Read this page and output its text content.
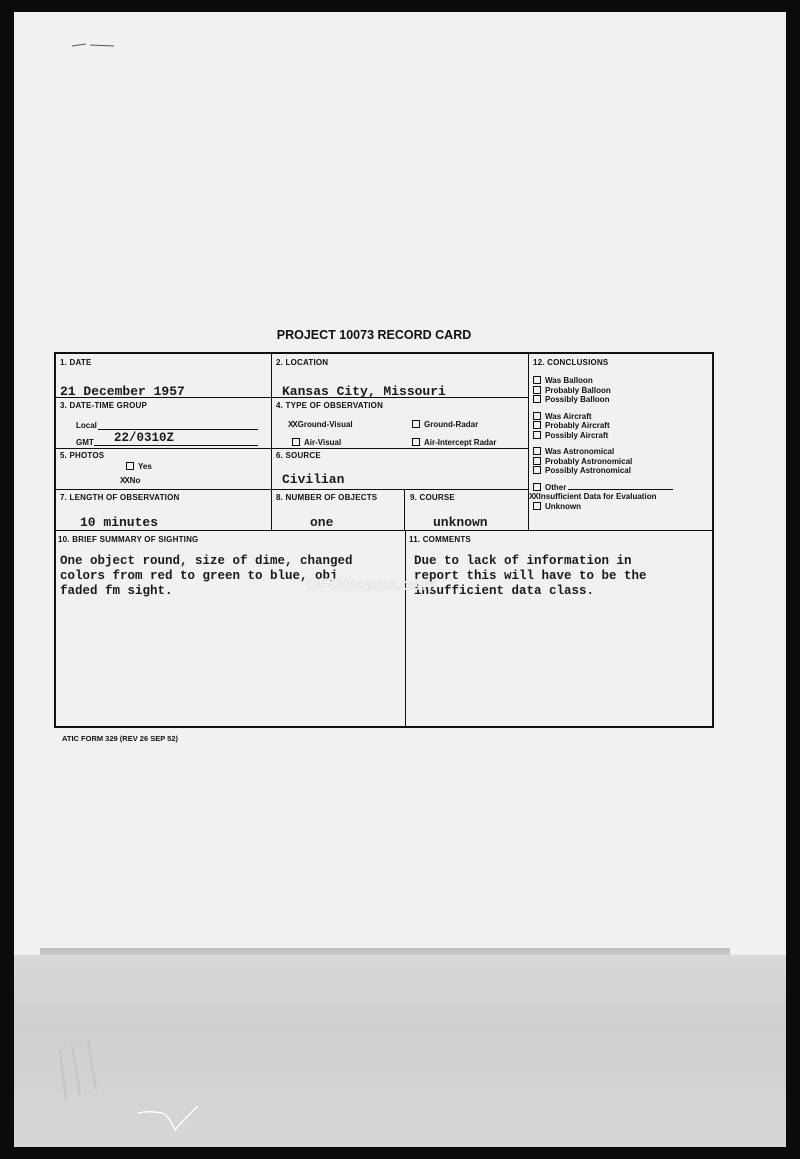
PROJECT 10073 RECORD CARD
1. DATE
21 December 1957
2. LOCATION
Kansas City, Missouri
3. DATE-TIME GROUP
Local
GMT 22/0310Z
4. TYPE OF OBSERVATION
XXGround-Visual	Ground-Radar
Air-Visual	Air-Intercept Radar
5. PHOTOS
Yes
XXNo
6. SOURCE
Civilian
7. LENGTH OF OBSERVATION
10 minutes
8. NUMBER OF OBJECTS
one
9. COURSE
unknown
12. CONCLUSIONS
Was Balloon
Probably Balloon
Possibly Balloon
Was Aircraft
Probably Aircraft
Possibly Aircraft
Was Astronomical
Probably Astronomical
Possibly Astronomical
Other
XXInsufficient Data for Evaluation
Unknown
10. BRIEF SUMMARY OF SIGHTING
One object round, size of dime, changed
colors from red to green to blue, obj
faded fm sight.
11. COMMENTS
Due to lack of information in
report this will have to be the
insufficient data class.
UFOScans.com
ATIC FORM 329 (REV 26 SEP 52)
